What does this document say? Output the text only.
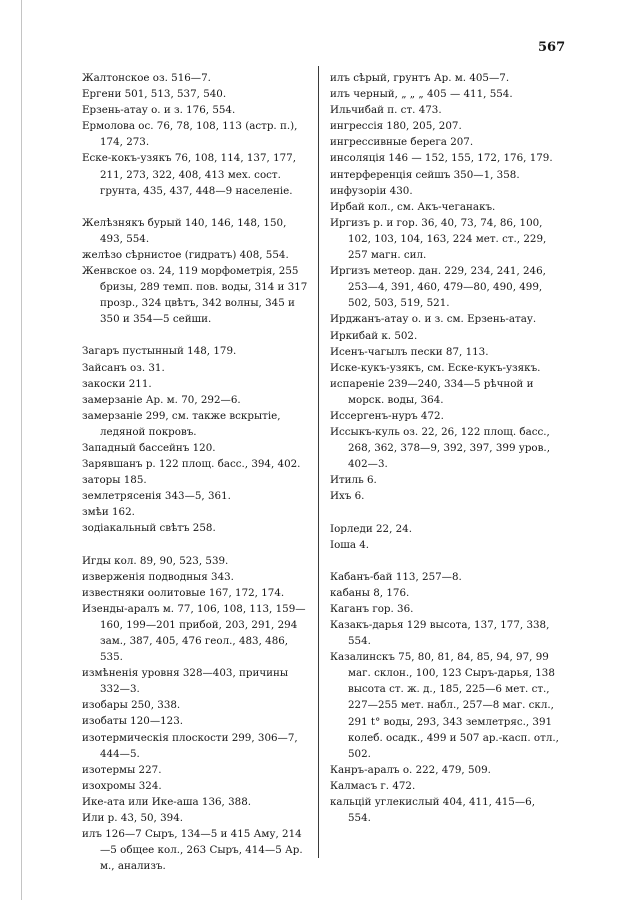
567

Жалтонское оз. 516—7.

Ергени 501, 513, 537, 540.

Ерзень-атау о. и з. 176, 554.

Ермолова ос. 76, 78, 108, 113 (астр. п.), 174, 273.

Еске-кокъ-узякъ 76, 108, 114, 137, 177, 211, 273, 322, 408, 413 мех. сост. грунта, 435, 437, 448—9 населеніе.

Желѣзнякъ бурый 140, 146, 148, 150, 493, 554.

желѣзо сѣрнистое (гидратъ) 408, 554.

Женвское оз. 24, 119 морфометрія, 255 бризы, 289 темп. пов. воды, 314 и 317 прозр., 324 цвѣтъ, 342 волны, 345 и 350 и 354—5 сейши.

Загаръ пустынный 148, 179.

Зайсанъ оз. 31.

закоски 211.

замерзаніе Ар. м. 70, 292—6.

замерзаніе 299, см. также вскрытіе, ледяной покровъ.

Западный бассейнъ 120.

Зарявшанъ р. 122 площ. басс., 394, 402.

заторы 185.

землетрясенія 343—5, 361.

змѣи 162.

зодіакальный свѣтъ 258.

Игды кол. 89, 90, 523, 539.

изверженія подводныя 343.

известняки оолитовые 167, 172, 174.

Изенды-аралъ м. 77, 106, 108, 113, 159—160, 199—201 прибой, 203, 291, 294 зам., 387, 405, 476 геол., 483, 486, 535.

измѣненія уровня 328—403, причины 332—3.

изобары 250, 338.

изобаты 120—123.

изотермическія плоскости 299, 306—7, 444—5.

изотермы 227.

изохромы 324.

Ике-ата или Ике-аша 136, 388.

Или р. 43, 50, 394.

илъ 126—7 Сыръ, 134—5 и 415 Аму, 214—5 общее кол., 263 Сыръ, 414—5 Ар. м., анализъ.

илъ сѣрый, грунтъ Ар. м. 405—7.

илъ черный, „ „ „ 405 — 411, 554.

Ильчибай п. ст. 473.

ингрессія 180, 205, 207.

ингрессивные берега 207.

инсоляція 146 — 152, 155, 172, 176, 179.

интерференція сейшъ 350—1, 358.

инфузоріи 430.

Ирбай кол., см. Акъ-чеганакъ.

Иргизъ р. и гор. 36, 40, 73, 74, 86, 100, 102, 103, 104, 163, 224 мет. ст., 229, 257 магн. сил.

Иргизъ метеор. дан. 229, 234, 241, 246, 253—4, 391, 460, 479—80, 490, 499, 502, 503, 519, 521.

Ирджанъ-атау о. и з. см. Ерзень-атау.

Иркибай к. 502.

Исенъ-чагылъ пески 87, 113.

Иске-кукъ-узякъ, см. Еске-кукъ-узякъ.

испареніе 239—240, 334—5 рѣчной и морск. воды, 364.

Иссергенъ-нуръ 472.

Иссыкъ-куль оз. 22, 26, 122 площ. басс., 268, 362, 378—9, 392, 397, 399 уров., 402—3.

Итиль 6.

Ихъ 6.

Іорледи 22, 24.

Іоша 4.

Кабанъ-бай 113, 257—8.

кабаны 8, 176.

Каганъ гор. 36.

Казакъ-дарья 129 высота, 137, 177, 338, 554.

Казалинскъ 75, 80, 81, 84, 85, 94, 97, 99 маг. склон., 100, 123 Сыръ-дарья, 138 высота ст. ж. д., 185, 225—6 мет. ст., 227—255 мет. набл., 257—8 маг. скл., 291 t° воды, 293, 343 землетряс., 391 колеб. осадк., 499 и 507 ар.-касп. отл., 502.

Канръ-аралъ о. 222, 479, 509.

Калмасъ г. 472.

кальцій углекислый 404, 411, 415—6, 554.
